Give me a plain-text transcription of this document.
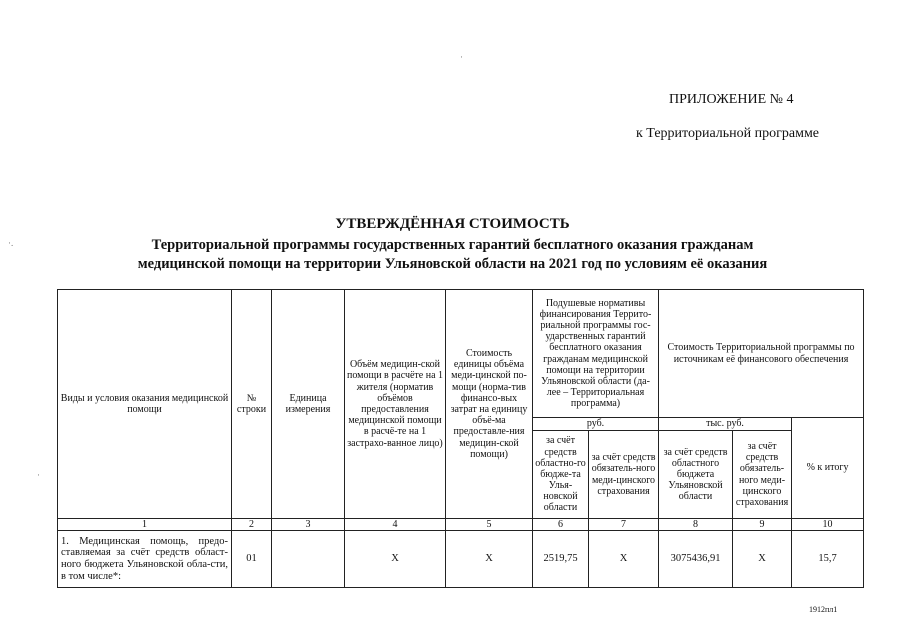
ПРИЛОЖЕНИЕ № 4
к Территориальной программе
УТВЕРЖДЁННАЯ СТОИМОСТЬ
Территориальной программы государственных гарантий бесплатного оказания гражданам
медицинской помощи на территории Ульяновской области на 2021 год по условиям её оказания
Виды и условия оказания медицинской помощи	№ строки	Единица измерения	Объём медицин-ской помощи в расчёте на 1 жителя (норматив объёмов предоставления медицинской помощи в расчё-те на 1 застрахо-ванное лицо)	Стоимость единицы объёма меди-цинской по-мощи (норма-тив финансо-вых затрат на единицу объё-ма предоставле-ния медицин-ской помощи)	Подушевые нормативы финансирования Террито-риальной программы гос-ударственных гарантий бесплатного оказания гражданам медицинской помощи на территории Ульяновской области (да-лее – Территориальная программа)		Стоимость Территориальной программы по источникам её финансового обеспечения		
					руб.		тыс. руб.		% к итогу
					за счёт средств областно-го бюдже-та Улья-новской области	за счёт средств обязатель-ного меди-цинского страхования	за счёт средств областного бюджета Ульяновской области	за счёт средств обязатель-ного меди-цинского страхования	
1	2	3	4	5	6	7	8	9	10
1. Медицинская помощь, предо-ставляемая за счёт средств област-ного бюджета Ульяновской обла-сти, в том числе*:	01		Х	Х	2519,75	Х	3075436,91	Х	15,7
1912пл1
·.
·
·
